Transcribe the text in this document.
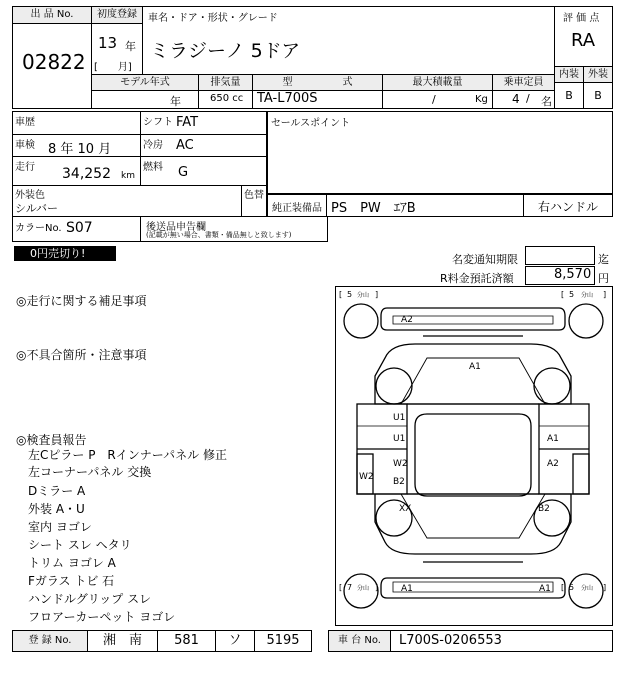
出 品 No.
02822
初度登録
13 年
[　　月]
車名・ドア・形状・グレード
ミラジーノ 5ドア
評 価 点
RA
内装 外装
B	B
モデル年式	排気量	型　　　　　式	最大積載量	乗車定員
年	650 cc TA-L700S	/	Kg 4 / 名
車歴	シフト FAT
車検 8 年 10 月	冷房 AC
走行 34,252 km
燃料 G
セールスポイント
外装色
シルバー
色替
純正装備品 PS　PW　ｴｱB	右ハンドル
カラーNo. S07	後送品申告欄
(記載が無い場合、書類・備品無しと致します)
0円売切り!	名変通知期限	迄
R料金預託済額	8,570 円
◎走行に関する補足事項
◎不具合箇所・注意事項
◎検査員報告
左Cピラー P　Rインナーパネル 修正
左コーナーパネル 交換
Dミラー A
外装 A・U
室内 ヨゴレ
シート スレ ヘタリ
トリム ヨゴレ A
Fガラス トビ 石
ハンドルグリップ スレ
フロアーカーペット ヨゴレ
[ 5 分山 ]	[ 5 分山 ]
[ 7 分山 ]	[ 5 分山 ]
A2
A1
U1
U1	A1
W2
B2
W2
A2
XX	B2
A1	A1
登 録 No.	湘　南	581	ソ	5195	車 台 No.	L700S-0206553
